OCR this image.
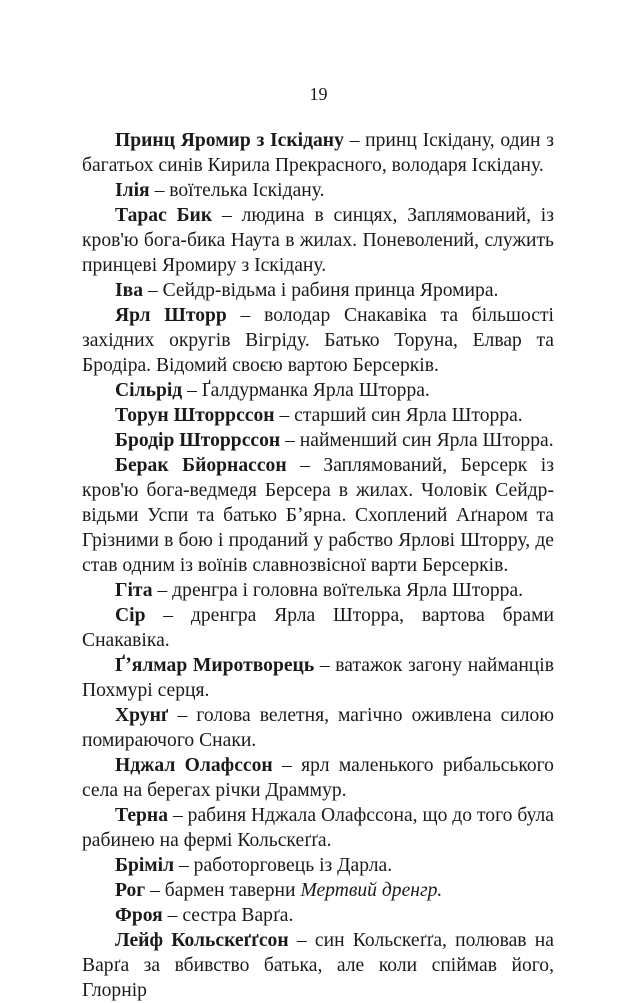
19

Принц Яромир з Іскідану – принц Іскідану, один з багатьох синів Кирила Прекрасного, володаря Іскідану.

Ілія – воїтелька Іскідану.

Тарас Бик – людина в синцях, Заплямований, із кров'ю бога-бика Наута в жилах. Поневолений, служить принцеві Яромиру з Іскідану.

Іва – Сейдр-відьма і рабиня принца Яромира.

Ярл Шторр – володар Снакавіка та більшості західних округів Вігріду. Батько Торуна, Елвар та Бродіра. Відомий своєю вартою Берсерків.

Сільрід – Ґалдурманка Ярла Шторра.

Торун Шторрссон – старший син Ярла Шторра.

Бродір Шторрссон – найменший син Ярла Шторра.

Берак Бйорнассон – Заплямований, Берсерк із кров'ю бога-ведмедя Берсера в жилах. Чоловік Сейдр-відьми Успи та батько Бʼярна. Схоплений Аґнаром та Грізними в бою і проданий у рабство Ярлові Шторру, де став одним із воїнів славнозвісної варти Берсерків.

Гіта – дренгра і головна воїтелька Ярла Шторра.

Сір – дренгра Ярла Шторра, вартова брами Снакавіка.

Ґʼялмар Миротворець – ватажок загону найманців Похмурі серця.

Хрунґ – голова велетня, магічно оживлена силою помираючого Снаки.

Нджал Олафссон – ярл маленького рибальського села на берегах річки Драммур.

Терна – рабиня Нджала Олафссона, що до того була рабинею на фермі Кольскеґґа.

Бріміл – работорговець із Дарла.

Рог – бармен таверни Мертвий дренгр.

Фроя – сестра Варґа.

Лейф Кольскеґґсон – син Кольскеґґа, полював на Варґа за вбивство батька, але коли спіймав його, Глорнір
